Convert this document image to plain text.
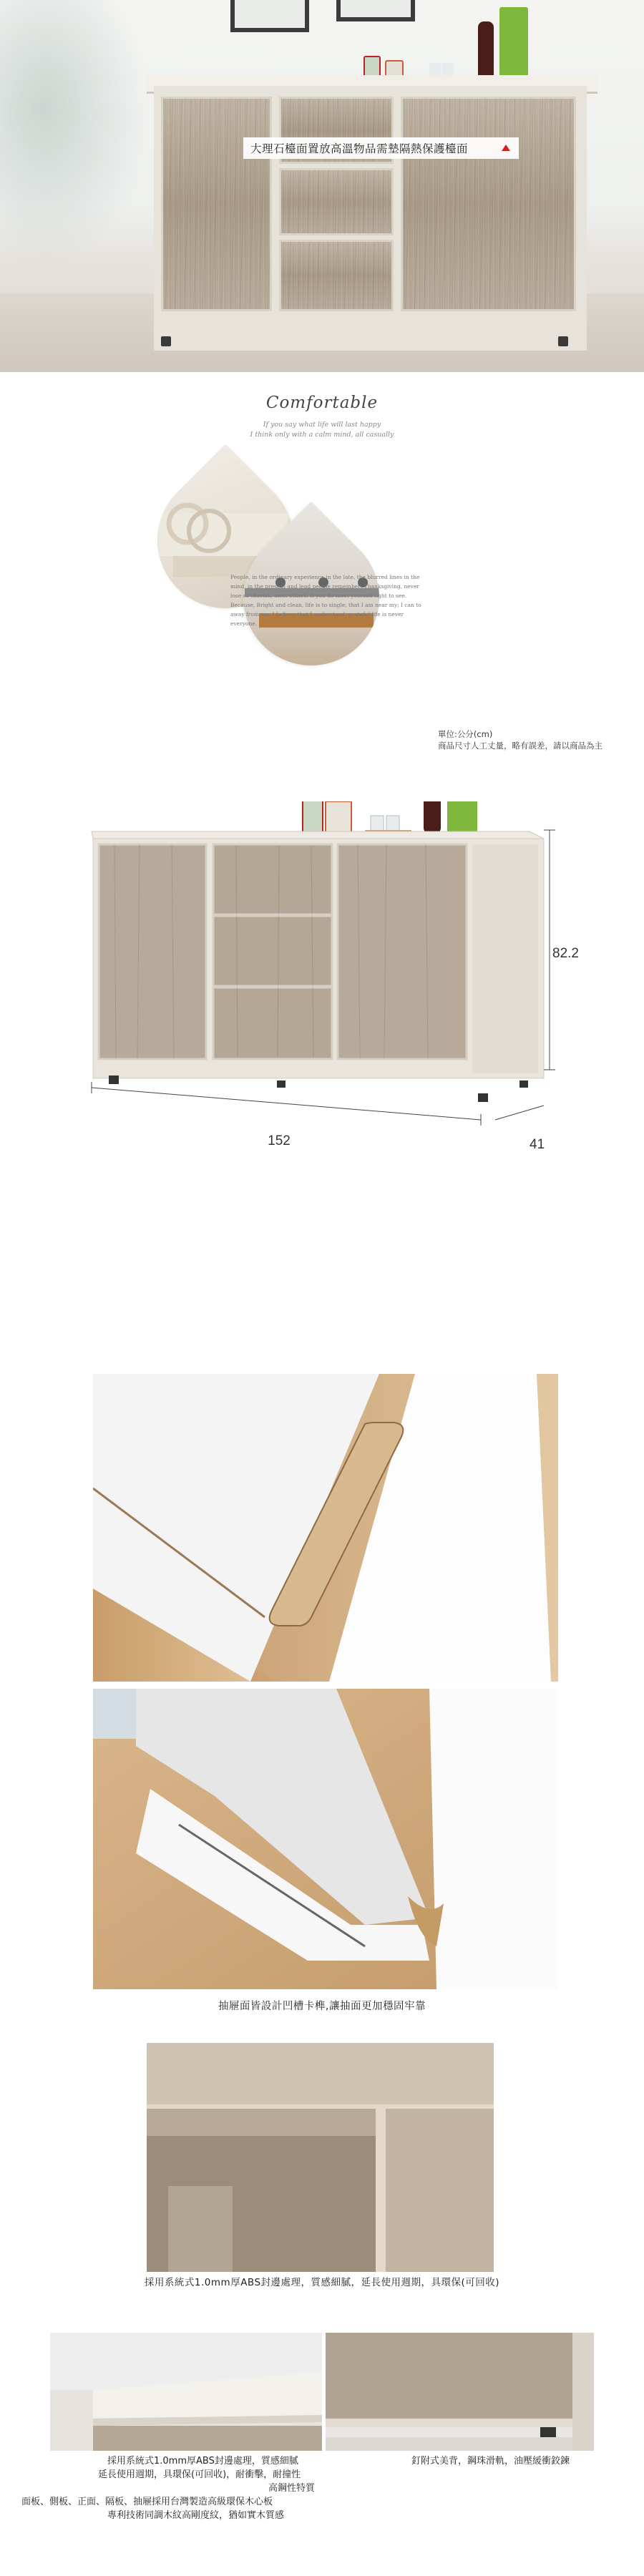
大理石檯面置放高溫物品需墊隔熱保護檯面
Comfortable
If you say what life will last happy
I think only with a calm mind, all casually
單位:公分(cm)
商品尺寸人工丈量，略有誤差，請以商品為主
152	41
82.2
People, in the ordinary experience in the late, the blurred lines in the mind, in the present and lead people remember; Thanksgiving, never lose so cherish, most others. If you do meet yourself light to see. Because, Bright and clean, life is to single, that I am near my; I can to away from me, I believe that I understand, grateful life is never everyone.
抽屜面皆設計凹槽卡榫,讓抽面更加穩固牢靠
採用系統式1.0mm厚ABS封邊處理，質感細膩，延長使用週期，具環保(可回收)
採用系統式1.0mm厚ABS封邊處理，質感細膩
延長使用週期，具環保(可回收)，耐衝擊，耐撞性
高鋼性特質
面板、側板、正面、隔板、抽屜採用台灣製造高級環保木心板
專利技術同調木紋高剛度紋，猶如實木質感
釘附式美背，鋼珠滑軌，油壓緩衝鉸鍊
